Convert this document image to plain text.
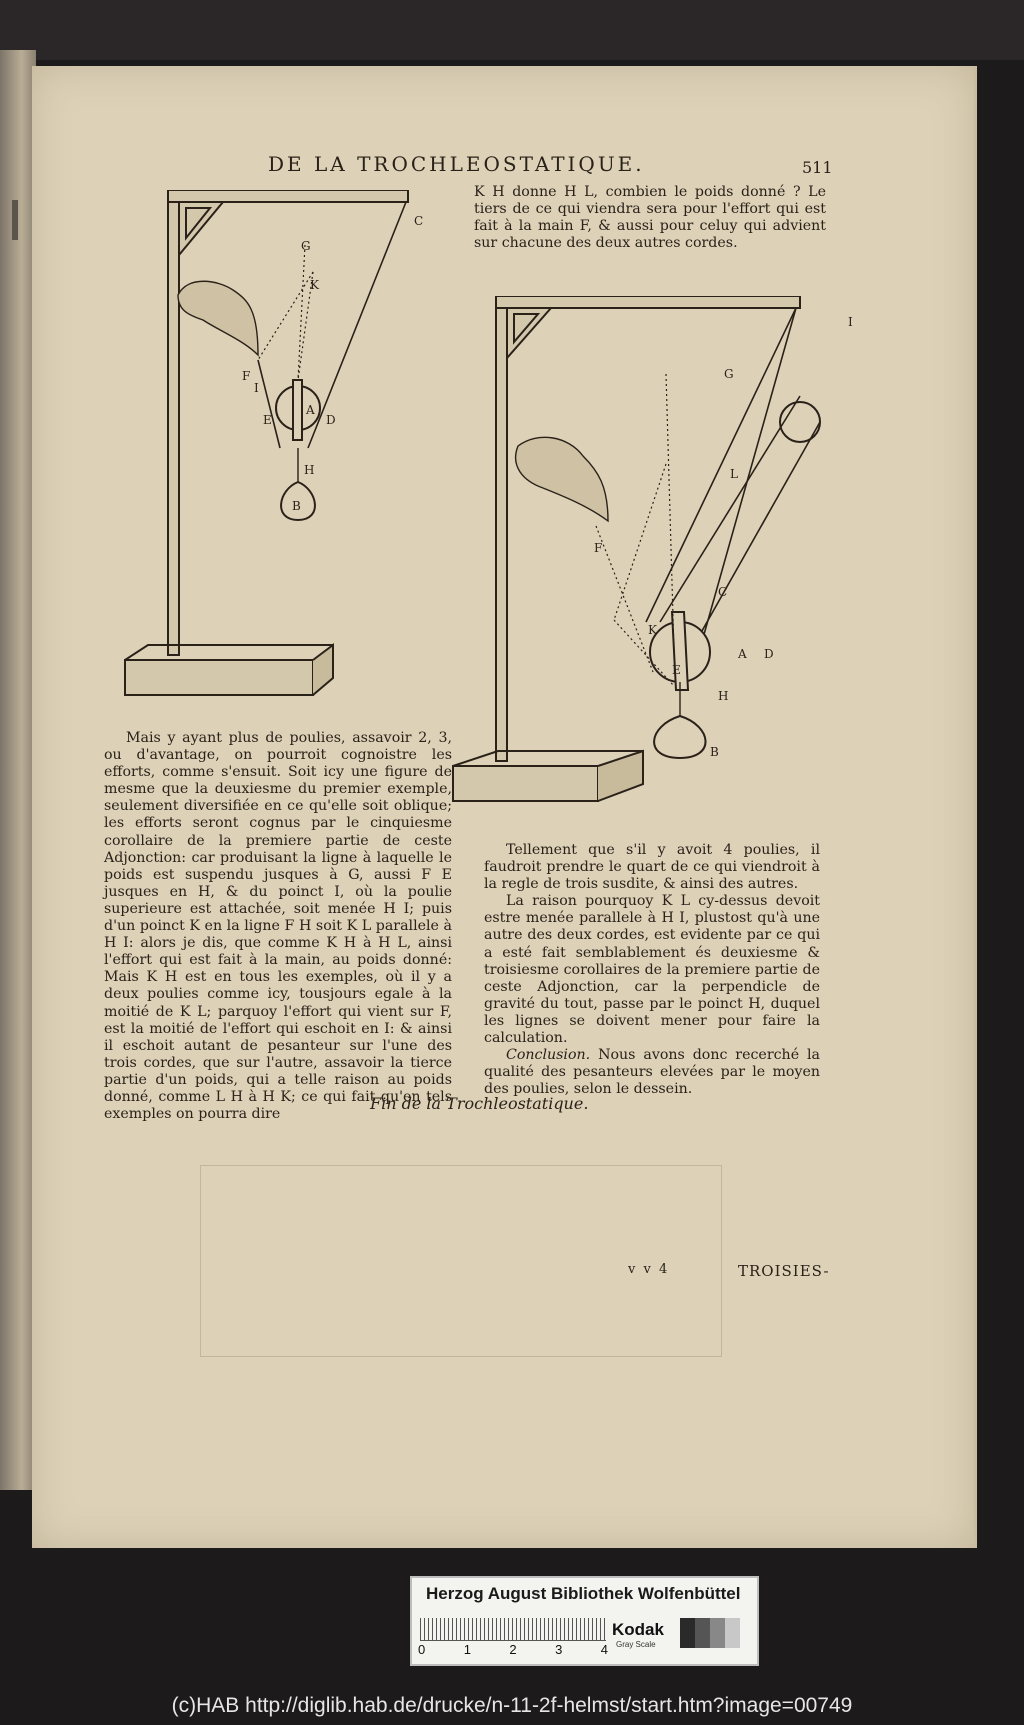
DE LA TROCHLEOSTATIQUE.	511

K H donne H L, combien le poids donné ? Le tiers de ce qui viendra sera pour l'effort qui est fait à la main F, & aussi pour celuy qui advient sur chacune des deux autres cordes.

C
G
K
F
I
A
E	D
H
B
I
G
L
F
C
K
A D
E
H
B

Mais y ayant plus de poulies, assavoir 2, 3, ou d'avantage, on pourroit cognoistre les efforts, comme s'ensuit. Soit icy une figure de mesme que la deuxiesme du premier exemple, seulement diversifiée en ce qu'elle soit oblique; les efforts seront cognus par le cinquiesme corollaire de la premiere partie de ceste Adjonction: car produisant la ligne à laquelle le poids est suspendu jusques à G, aussi F E jusques en H, & du poinct I, où la poulie superieure est attachée, soit menée H I; puis d'un poinct K en la ligne F H soit K L parallele à H I: alors je dis, que comme K H à H L, ainsi l'effort qui est fait à la main, au poids donné: Mais K H est en tous les exemples, où il y a deux poulies comme icy, tousjours egale à la moitié de K L; parquoy l'effort qui vient sur F, est la moitié de l'effort qui eschoit en I: & ainsi il eschoit autant de pesanteur sur l'une des trois cordes, que sur l'autre, assavoir la tierce partie d'un poids, qui a telle raison au poids donné, comme L H à H K; ce qui fait qu'en tels exemples on pourra dire

Tellement que s'il y avoit 4 poulies, il faudroit prendre le quart de ce qui viendroit à la regle de trois susdite, & ainsi des autres.

La raison pourquoy K L cy-dessus devoit estre menée parallele à H I, plustost qu'à une autre des deux cordes, est evidente par ce qui a esté fait semblablement és deuxiesme & troisiesme corollaires de la premiere partie de ceste Adjonction, car la perpendicle de gravité du tout, passe par le poinct H, duquel les lignes se doivent mener pour faire la calculation.

Conclusion. Nous avons donc recerché la qualité des pesanteurs elevées par le moyen des poulies, selon le dessein.

Fin de la Trochleostatique.
v v 4	TROISIES-
Herzog August Bibliothek Wolfenbüttel
0	1	2	3	4
Kodak
Gray Scale
(c)HAB http://diglib.hab.de/drucke/n-11-2f-helmst/start.htm?image=00749
